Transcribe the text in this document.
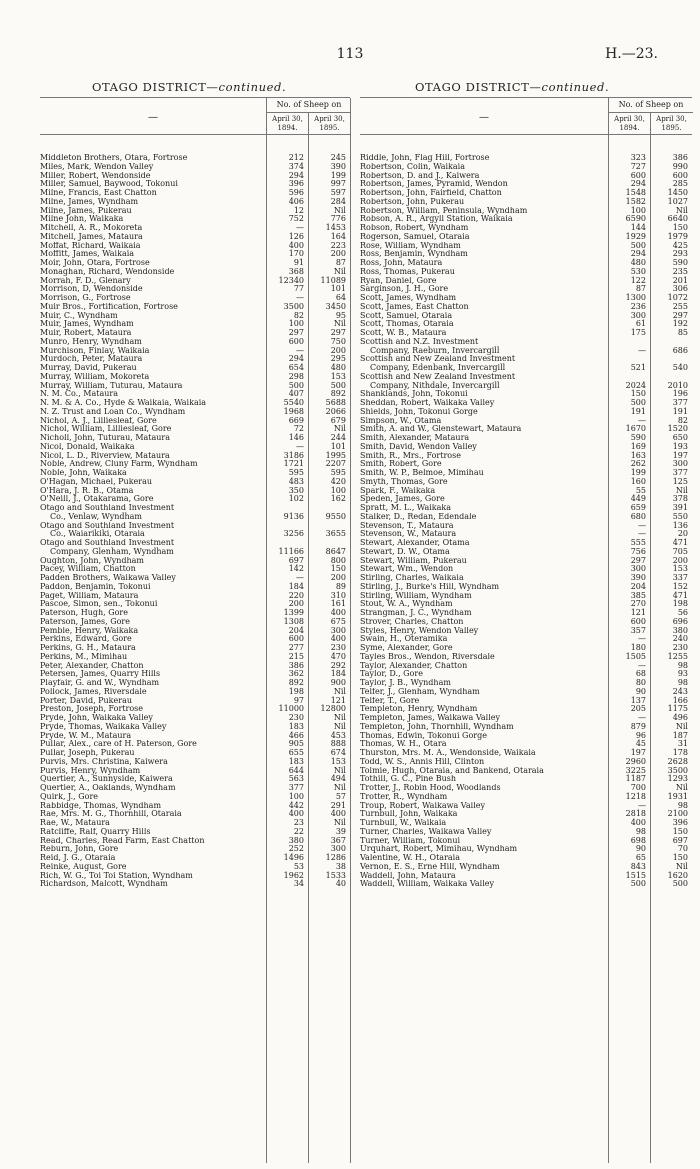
113	H.—23.
OTAGO DISTRICT—continued.	OTAGO DISTRICT—continued.
—
No. of Sheep on
April 30, 1894.
April 30, 1895.
Middleton Brothers, Otara, Fortrose	212	245
Miles, Mark, Wendon Valley	374	390
Miller, Robert, Wendonside	294	199
Miller, Samuel, Baywood, Tokonui	396	997
Milne, Francis, East Chatton	596	597
Milne, James, Wyndham	406	284
Milne, James, Pukerau	12	Nil
Milne John, Waikaka	752	776
Mitchell, A. R., Mokoreta	—	1453
Mitchell, James, Mataura	126	164
Moffat, Richard, Waikaia	400	223
Moffitt, James, Waikaia	170	200
Moir, John, Otara, Fortrose	91	87
Monaghan, Richard, Wendonside	368	Nil
Morrah, F. D., Glenary	12340	11089
Morrison, D, Wendonside	77	101
Morrison, G., Fortrose	—	64
Muir Bros., Fortification, Fortrose	3500	3450
Muir, C., Wyndham	82	95
Muir, James, Wyndham	100	Nil
Muir, Robert, Mataura	297	297
Munro, Henry, Wyndham	600	750
Murchison, Finlay, Waikaia	—	200
Murdoch, Peter, Mataura	294	295
Murray, David, Pukerau	654	480
Murray, William, Mokoreta	298	153
Murray, William, Tuturau, Mataura	500	500
N. M. Co., Mataura	407	892
N. M. & A. Co., Hyde & Waikaia, Waikaia	5540	5688
N. Z. Trust and Loan Co., Wyndham	1968	2066
Nichol, A. J., Lilliesleaf, Gore	669	679
Nichol, William, Lilliesleaf, Gore	72	Nil
Nicholl, John, Tuturau, Mataura	146	244
Nicol, Donald, Waikaka	—	101
Nicol, L. D., Riverview, Mataura	3186	1995
Noble, Andrew, Cluny Farm, Wyndham	1721	2207
Noble, John, Waikaka	595	595
O'Hagan, Michael, Pukerau	483	420
O'Hara, J. R. B., Otama	350	100
O'Neill, J., Otakarama, Gore	102	162
Otago and Southland Investment
Co., Venlaw, Wyndham	9136	9550
Otago and Southland Investment
Co., Waiarikiki, Otaraia	3256	3655
Otago and Southland Investment
Company, Glenham, Wyndham	11166	8647
Oughton, John, Wyndham	697	800
Pacey, William, Chatton	142	150
Padden Brothers, Waikawa Valley	—	200
Paddon, Benjamin, Tokonui	184	89
Paget, William, Mataura	220	310
Pascoe, Simon, sen., Tokonui	200	161
Paterson, Hugh, Gore	1399	400
Paterson, James, Gore	1308	675
Pemble, Henry, Waikaka	204	300
Perkins, Edward, Gore	600	400
Perkins, G. H., Mataura	277	230
Perkins, M., Mimihau	215	470
Peter, Alexander, Chatton	386	292
Petersen, James, Quarry Hills	362	184
Playfair, G. and W., Wyndham	892	900
Pollock, James, Riversdale	198	Nil
Porter, David, Pukerau	97	121
Preston, Joseph, Fortrose	11000	12800
Pryde, John, Waikaka Valley	230	Nil
Pryde, Thomas, Waikaka Valley	183	Nil
Pryde, W. M., Mataura	466	453
Pullar, Alex., care of H. Paterson, Gore	905	888
Pullar, Joseph, Pukerau	655	674
Purvis, Mrs. Christina, Kaiwera	183	153
Purvis, Henry, Wyndham	644	Nil
Quertier, A., Sunnyside, Kaiwera	563	494
Quertier, A., Oaklands, Wyndham	377	Nil
Quirk, J., Gore	100	57
Rabbidge, Thomas, Wyndham	442	291
Rae, Mrs. M. G., Thornhill, Otaraia	400	400
Rae, W., Mataura	23	Nil
Ratcliffe, Ralf, Quarry Hills	22	39
Read, Charles, Read Farm, East Chatton	380	367
Reburn, John, Gore	252	300
Reid, J. G., Otaraia	1496	1286
Reinke, August, Gore	53	38
Rich, W. G., Toi Toi Station, Wyndham	1962	1533
Richardson, Malcott, Wyndham	34	40
—
No. of Sheep on
April 30, 1894.
April 30, 1895.
Riddle, John, Flag Hill, Fortrose	323	386
Robertson, Colin, Waikaia	727	990
Robertson, D. and J., Kaiwera	600	600
Robertson, James, Pyramid, Wendon	294	285
Robertson, John, Fairfield, Chatton	1548	1450
Robertson, John, Pukerau	1582	1027
Robertson, William, Peninsula, Wyndham	100	Nil
Robson, A. R., Argyll Station, Waikaia	6590	6640
Robson, Robert, Wyndham	144	150
Rogerson, Samuel, Otaraia	1929	1979
Rose, William, Wyndham	500	425
Ross, Benjamin, Wyndham	294	293
Ross, John, Mataura	480	590
Ross, Thomas, Pukerau	530	235
Ryan, Daniel, Gore	122	201
Sarginson, J. H., Gore	87	306
Scott, James, Wyndham	1300	1072
Scott, James, East Chatton	236	255
Scott, Samuel, Otaraia	300	297
Scott, Thomas, Otaraia	61	192
Scott, W. B., Mataura	175	85
Scottish and N.Z. Investment
Company, Raeburn, Invercargill	—	686
Scottish and New Zealand Investment
Company, Edenbank, Invercargill	521	540
Scottish and New Zealand Investment
Company, Nithdale, Invercargill	2024	2010
Shanklands, John, Tokonui	150	196
Sheddan, Robert, Waikaka Valley	500	377
Shields, John, Tokonui Gorge	191	191
Simpson, W., Otama	—	82
Smith, A. and W., Glenstewart, Mataura	1670	1520
Smith, Alexander, Mataura	590	650
Smith, David, Wendon Valley	169	193
Smith, R., Mrs., Fortrose	163	197
Smith, Robert, Gore	262	300
Smith, W. P., Belmoe, Mimihau	199	377
Smyth, Thomas, Gore	160	125
Spark, F., Waikaka	55	Nil
Speden, James, Gore	449	378
Spratt, M. L., Waikaka	659	391
Stalker, D., Redan, Edendale	680	550
Stevenson, T., Mataura	—	136
Stevenson, W., Mataura	—	20
Stewart, Alexander, Otama	555	471
Stewart, D. W., Otama	756	705
Stewart, William, Pukerau	297	200
Stewart, Wm., Wendon	300	153
Stirling, Charles, Waikaia	390	337
Stirling, J., Burke's Hill, Wyndham	204	152
Stirling, William, Wyndham	385	471
Stout, W. A., Wyndham	270	198
Strangman, J. C., Wyndham	121	56
Strover, Charles, Chatton	600	696
Styles, Henry, Wendon Valley	357	380
Swain, H., Oteramika	—	240
Syme, Alexander, Gore	180	230
Tayles Bros., Wendon, Riversdale	1505	1255
Taylor, Alexander, Chatton	—	98
Taylor, D., Gore	68	93
Taylor, J. B., Wyndham	80	98
Telfer, J., Glenham, Wyndham	90	243
Telfer, T., Gore	137	166
Templeton, Henry, Wyndham	205	1175
Templeton, James, Waikawa Valley	—	496
Templeton, John, Thornhill, Wyndham	879	Nil
Thomas, Edwin, Tokonui Gorge	96	187
Thomas, W. H., Otara	45	31
Thurston, Mrs. M. A., Wendonside, Waikaia	197	178
Todd, W. S., Annis Hill, Clinton	2960	2628
Tolmie, Hugh, Otaraia, and Bankend, Otaraia	3225	3500
Tothill, G. C., Pine Bush	1187	1293
Trotter, J., Robin Hood, Woodlands	700	Nil
Trotter, R., Wyndham	1218	1931
Troup, Robert, Waikawa Valley	—	98
Turnbull, John, Waikaka	2818	2100
Turnbull, W., Waikaia	400	396
Turner, Charles, Waikawa Valley	98	150
Turner, William, Tokonui	698	697
Urquhart, Robert, Mimihau, Wyndham	90	70
Valentine, W. H., Otaraia	65	150
Vernon, E. S., Erne Hill, Wyndham	843	Nil
Waddell, John, Mataura	1515	1620
Waddell, William, Waikaka Valley	500	500
